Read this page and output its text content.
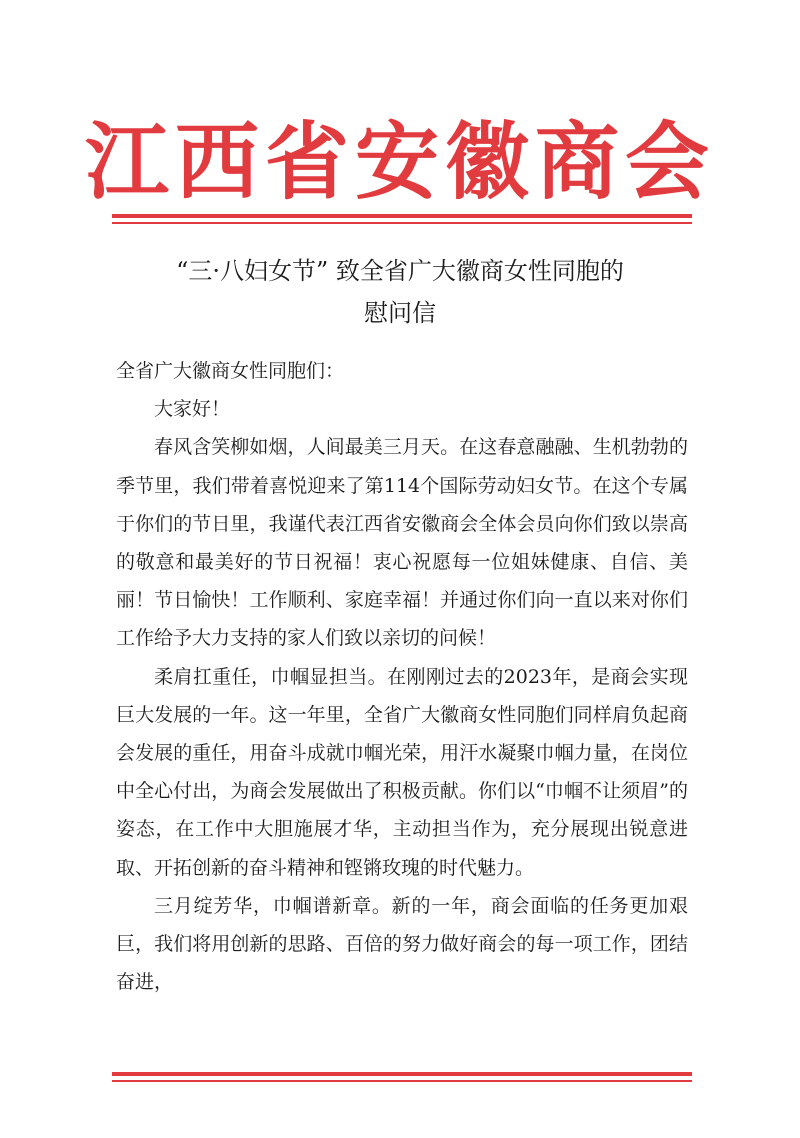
江西省安徽商会
“三·八妇女节” 致全省广大徽商女性同胞的
慰问信

全省广大徽商女性同胞们：

大家好！

春风含笑柳如烟，人间最美三月天。在这春意融融、生机勃勃的季节里，我们带着喜悦迎来了第114个国际劳动妇女节。在这个专属于你们的节日里，我谨代表江西省安徽商会全体会员向你们致以崇高的敬意和最美好的节日祝福！衷心祝愿每一位姐妹健康、自信、美丽！节日愉快！工作顺利、家庭幸福！并通过你们向一直以来对你们工作给予大力支持的家人们致以亲切的问候！

柔肩扛重任，巾帼显担当。在刚刚过去的2023年，是商会实现巨大发展的一年。这一年里，全省广大徽商女性同胞们同样肩负起商会发展的重任，用奋斗成就巾帼光荣，用汗水凝聚巾帼力量，在岗位中全心付出，为商会发展做出了积极贡献。你们以“巾帼不让须眉”的姿态，在工作中大胆施展才华，主动担当作为，充分展现出锐意进取、开拓创新的奋斗精神和铿锵玫瑰的时代魅力。

三月绽芳华，巾帼谱新章。新的一年，商会面临的任务更加艰巨，我们将用创新的思路、百倍的努力做好商会的每一项工作，团结奋进，
